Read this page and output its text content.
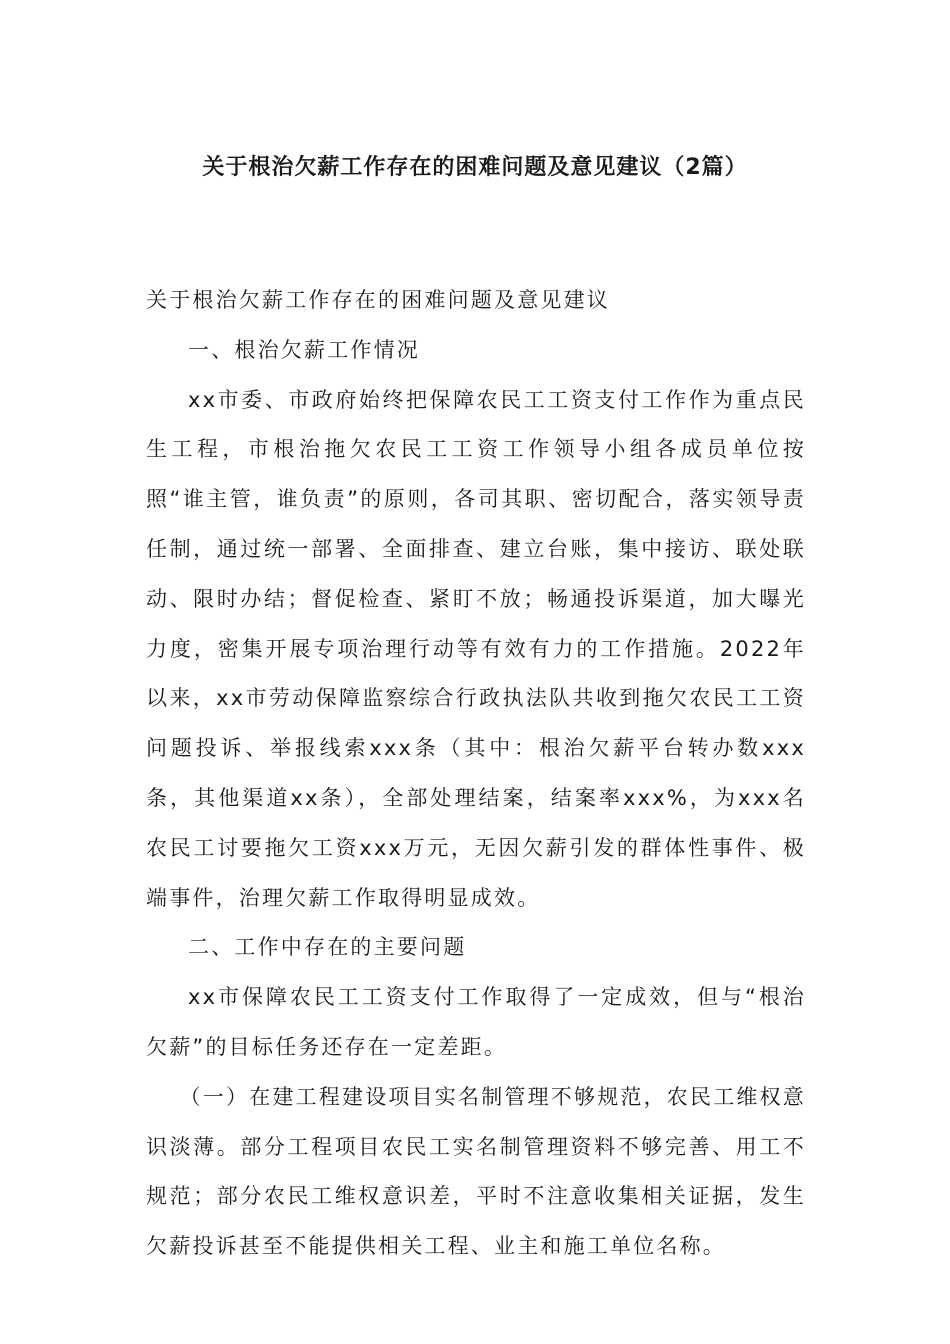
关于根治欠薪工作存在的困难问题及意见建议（2篇）

关于根治欠薪工作存在的困难问题及意见建议

一、根治欠薪工作情况

xx市委、市政府始终把保障农民工工资支付工作作为重点民生工程，市根治拖欠农民工工资工作领导小组各成员单位按照“谁主管，谁负责”的原则，各司其职、密切配合，落实领导责任制，通过统一部署、全面排查、建立台账，集中接访、联处联动、限时办结；督促检查、紧盯不放；畅通投诉渠道，加大曝光力度，密集开展专项治理行动等有效有力的工作措施。2022年以来，xx市劳动保障监察综合行政执法队共收到拖欠农民工工资问题投诉、举报线索xxx条（其中：根治欠薪平台转办数xxx条，其他渠道xx条），全部处理结案，结案率xxx%，为xxx名农民工讨要拖欠工资xxx万元，无因欠薪引发的群体性事件、极端事件，治理欠薪工作取得明显成效。

二、工作中存在的主要问题

xx市保障农民工工资支付工作取得了一定成效，但与“根治欠薪”的目标任务还存在一定差距。

（一）在建工程建设项目实名制管理不够规范，农民工维权意识淡薄。部分工程项目农民工实名制管理资料不够完善、用工不规范；部分农民工维权意识差，平时不注意收集相关证据，发生欠薪投诉甚至不能提供相关工程、业主和施工单位名称。
